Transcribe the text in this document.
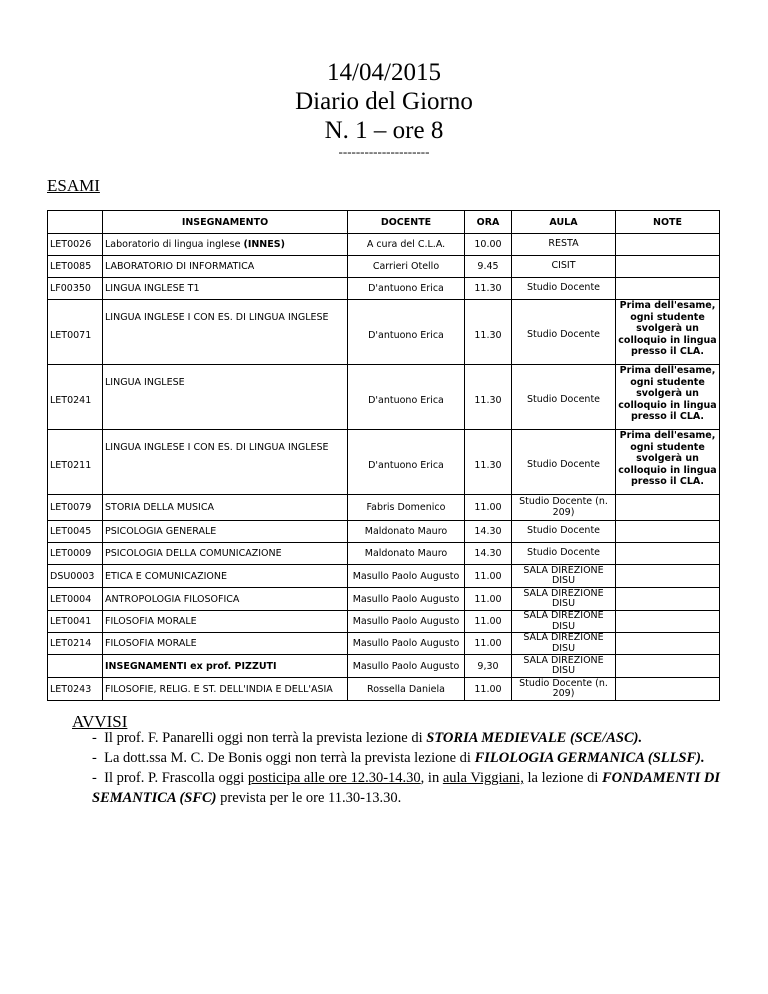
14/04/2015
Diario del Giorno
N. 1 – ore 8
---------------------
ESAMI
	INSEGNAMENTO	DOCENTE	ORA	AULA	NOTE
LET0026	Laboratorio di lingua inglese (INNES)	A cura del C.L.A.	10.00	RESTA	
LET0085	LABORATORIO DI INFORMATICA	Carrieri Otello	9.45	CISIT	
LF00350	LINGUA INGLESE T1	D'antuono Erica	11.30	Studio Docente	
LET0071	LINGUA INGLESE I CON ES. DI LINGUA INGLESE	D'antuono Erica	11.30	Studio Docente	Prima dell'esame, ogni studente svolgerà un colloquio in lingua presso il CLA.
LET0241	LINGUA INGLESE	D'antuono Erica	11.30	Studio Docente	Prima dell'esame, ogni studente svolgerà un colloquio in lingua presso il CLA.
LET0211	LINGUA INGLESE I CON ES. DI LINGUA INGLESE	D'antuono Erica	11.30	Studio Docente	Prima dell'esame, ogni studente svolgerà un colloquio in lingua presso il CLA.
LET0079	STORIA DELLA MUSICA	Fabris Domenico	11.00	Studio Docente (n. 209)	
LET0045	PSICOLOGIA GENERALE	Maldonato Mauro	14.30	Studio Docente	
LET0009	PSICOLOGIA DELLA COMUNICAZIONE	Maldonato Mauro	14.30	Studio Docente	
DSU0003	ETICA E COMUNICAZIONE	Masullo Paolo Augusto	11.00	SALA DIREZIONE DISU	
LET0004	ANTROPOLOGIA FILOSOFICA	Masullo Paolo Augusto	11.00	SALA DIREZIONE DISU	
LET0041	FILOSOFIA MORALE	Masullo Paolo Augusto	11.00	SALA DIREZIONE DISU	
LET0214	FILOSOFIA MORALE	Masullo Paolo Augusto	11.00	SALA DIREZIONE DISU	
	INSEGNAMENTI ex prof. PIZZUTI	Masullo Paolo Augusto	9,30	SALA DIREZIONE DISU	
LET0243	FILOSOFIE, RELIG. E ST. DELL'INDIA E DELL'ASIA	Rossella Daniela	11.00	Studio Docente (n. 209)	
AVVISI
- Il prof. F. Panarelli oggi non terrà la prevista lezione di STORIA MEDIEVALE (SCE/ASC).
- La dott.ssa M. C. De Bonis oggi non terrà la prevista lezione di FILOLOGIA GERMANICA (SLLSF).
- Il prof. P. Frascolla oggi posticipa alle ore 12.30-14.30, in aula Viggiani, la lezione di FONDAMENTI DI SEMANTICA (SFC) prevista per le ore 11.30-13.30.
